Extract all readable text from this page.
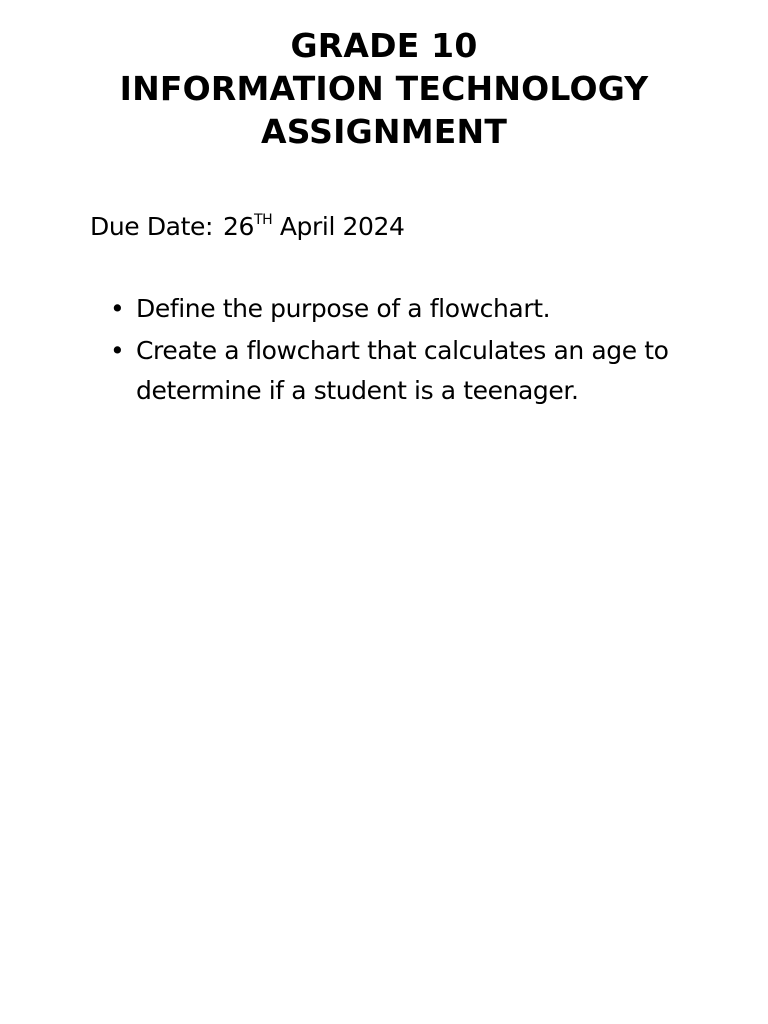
GRADE 10
INFORMATION TECHNOLOGY
ASSIGNMENT
Due Date: 26TH April 2024
• Define the purpose of a flowchart.
• Create a flowchart that calculates an age to determine if a student is a teenager.
